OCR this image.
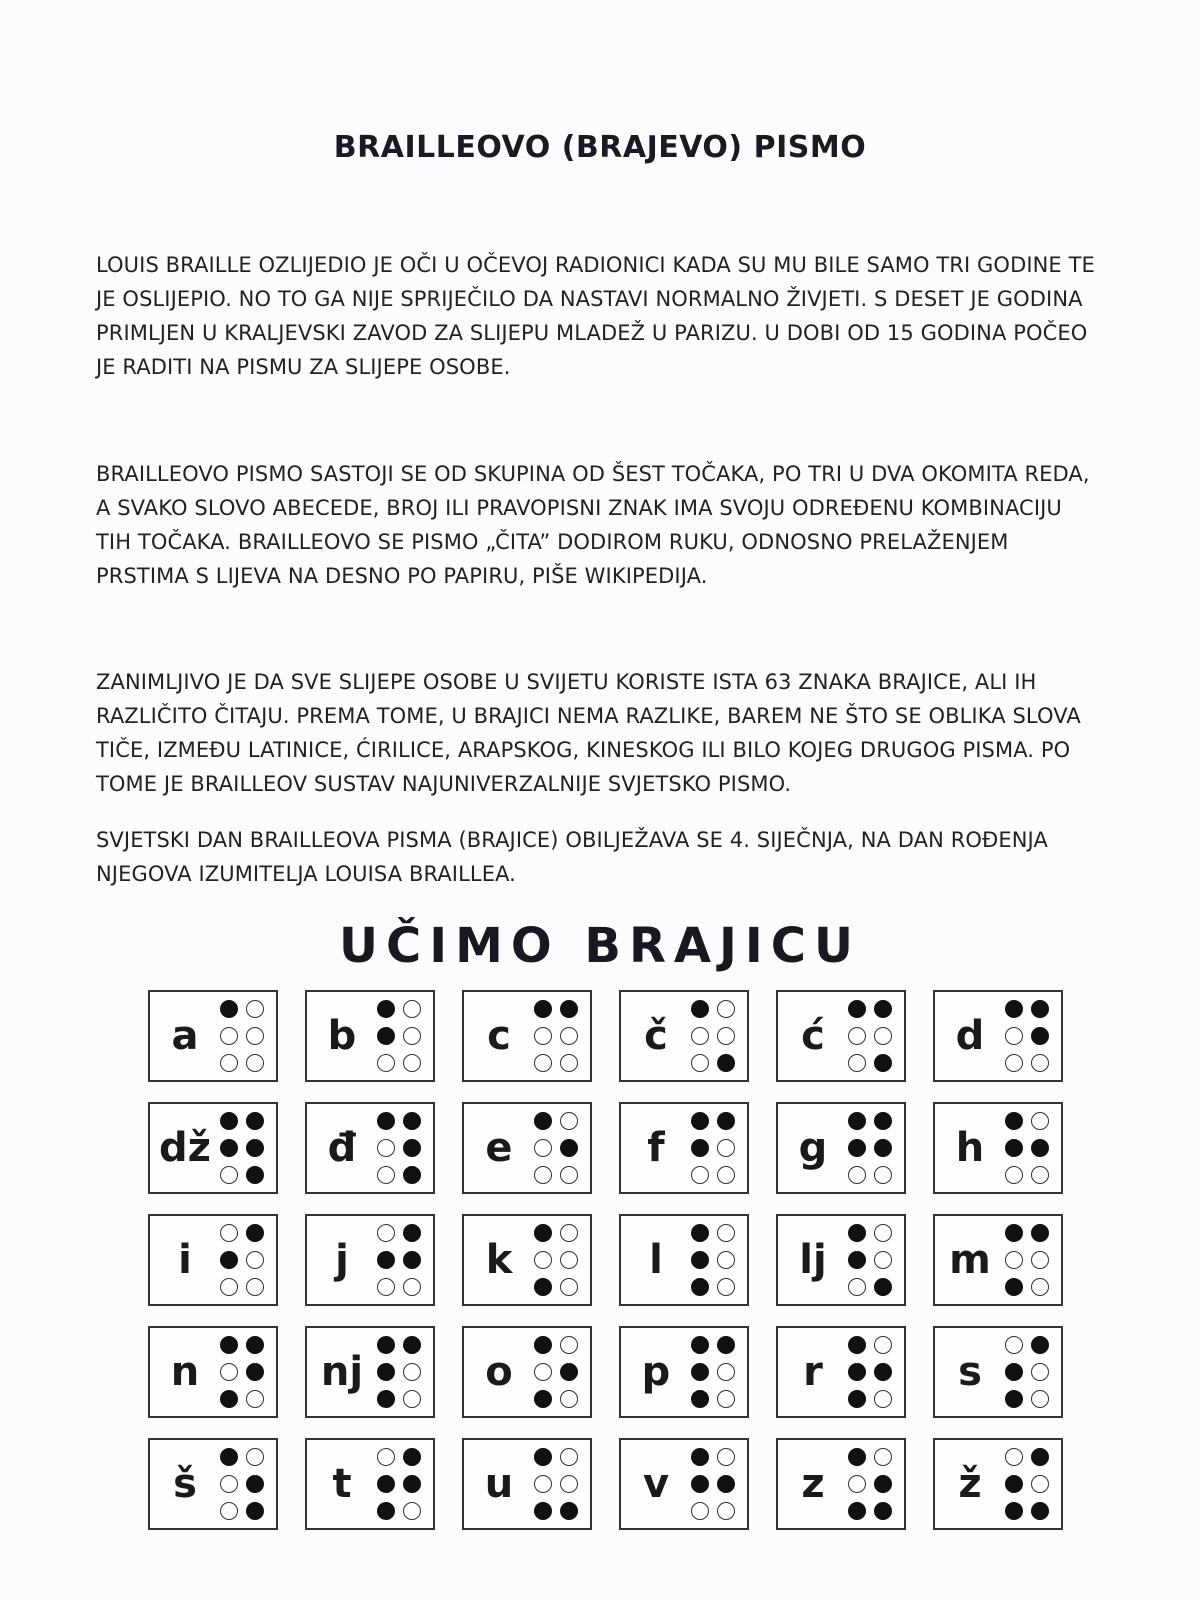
BRAILLEOVO (BRAJEVO) PISMO

LOUIS BRAILLE OZLIJEDIO JE OČI U OČEVOJ RADIONICI KADA SU MU BILE SAMO TRI GODINE TE JE OSLIJEPIO. NO TO GA NIJE SPRIJEČILO DA NASTAVI NORMALNO ŽIVJETI. S DESET JE GODINA PRIMLJEN U KRALJEVSKI ZAVOD ZA SLIJEPU MLADEŽ U PARIZU. U DOBI OD 15 GODINA POČEO JE RADITI NA PISMU ZA SLIJEPE OSOBE.

BRAILLEOVO PISMO SASTOJI SE OD SKUPINA OD ŠEST TOČAKA, PO TRI U DVA OKOMITA REDA, A SVAKO SLOVO ABECEDE, BROJ ILI PRAVOPISNI ZNAK IMA SVOJU ODREĐENU KOMBINACIJU TIH TOČAKA. BRAILLEOVO SE PISMO „ČITA” DODIROM RUKU, ODNOSNO PRELAŽENJEM PRSTIMA S LIJEVA NA DESNO PO PAPIRU, PIŠE WIKIPEDIJA.

ZANIMLJIVO JE DA SVE SLIJEPE OSOBE U SVIJETU KORISTE ISTA 63 ZNAKA BRAJICE, ALI IH RAZLIČITO ČITAJU. PREMA TOME, U BRAJICI NEMA RAZLIKE, BAREM NE ŠTO SE OBLIKA SLOVA TIČE, IZMEĐU LATINICE, ĆIRILICE, ARAPSKOG, KINESKOG ILI BILO KOJEG DRUGOG PISMA. PO TOME JE BRAILLEOV SUSTAV NAJUNIVERZALNIJE SVJETSKO PISMO.

SVJETSKI DAN BRAILLEOVA PISMA (BRAJICE) OBILJEŽAVA SE 4. SIJEČNJA, NA DAN ROĐENJA NJEGOVA IZUMITELJA LOUISA BRAILLEA.

UČIMO BRAJICU
a	b	c	č	ć	d
dž	đ	e	f	g	h
i	j	k	l	lj	m
n	nj	o	p	r	s
š	t	u	v	z	ž
